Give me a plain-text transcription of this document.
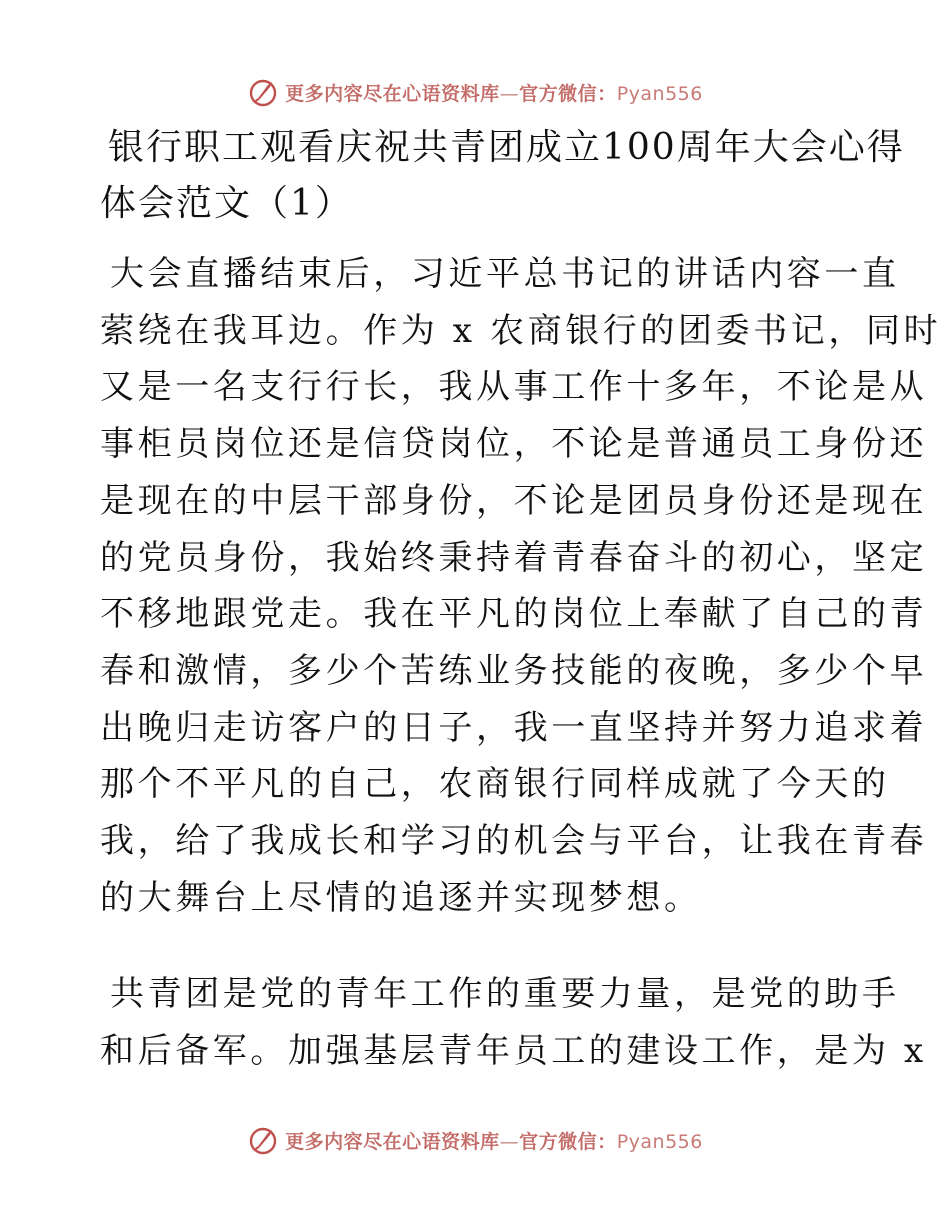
更多内容尽在心语资料库—官方微信：Pyan556
银行职工观看庆祝共青团成立100周年大会心得
体会范文（1）

大会直播结束后，习近平总书记的讲话内容一直
萦绕在我耳边。作为 x 农商银行的团委书记，同时
又是一名支行行长，我从事工作十多年，不论是从
事柜员岗位还是信贷岗位，不论是普通员工身份还
是现在的中层干部身份，不论是团员身份还是现在
的党员身份，我始终秉持着青春奋斗的初心，坚定
不移地跟党走。我在平凡的岗位上奉献了自己的青
春和激情，多少个苦练业务技能的夜晚，多少个早
出晚归走访客户的日子，我一直坚持并努力追求着
那个不平凡的自己，农商银行同样成就了今天的
我，给了我成长和学习的机会与平台，让我在青春
的大舞台上尽情的追逐并实现梦想。

共青团是党的青年工作的重要力量，是党的助手
和后备军。加强基层青年员工的建设工作，是为 x

更多内容尽在心语资料库—官方微信：Pyan556
